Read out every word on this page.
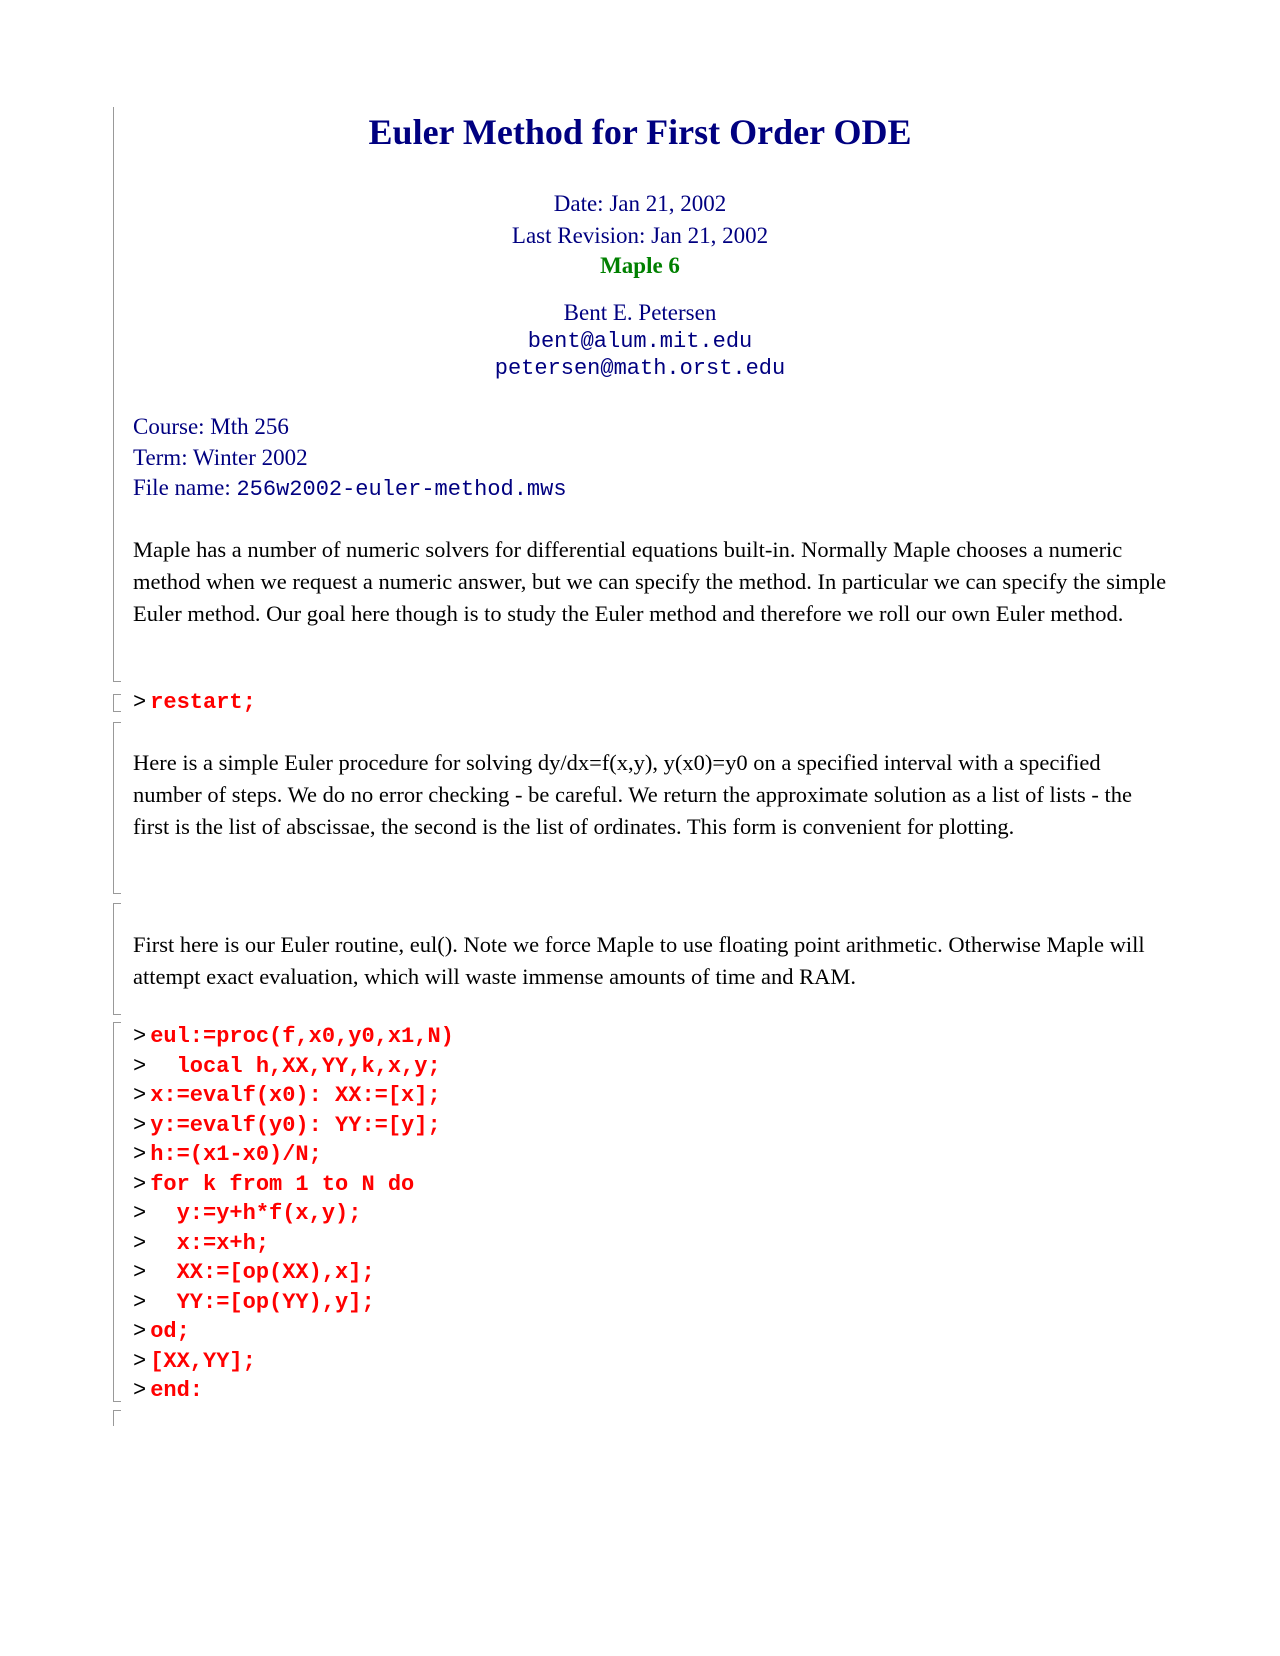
Euler Method for First Order ODE
Date: Jan 21, 2002
Last Revision: Jan 21, 2002
Maple 6
Bent E. Petersen
bent@alum.mit.edu
petersen@math.orst.edu
Course: Mth 256
Term: Winter 2002
File name: 256w2002-euler-method.mws

Maple has a number of numeric solvers for differential equations built-in. Normally Maple chooses a numeric method when we request a numeric answer, but we can specify the method. In particular we can specify the simple Euler method. Our goal here though is to study the Euler method and therefore we roll our own Euler method.

> restart;

Here is a simple Euler procedure for solving dy/dx=f(x,y), y(x0)=y0 on a specified interval with a specified number of steps. We do no error checking - be careful. We return the approximate solution as a list of lists - the first is the list of abscissae, the second is the list of ordinates. This form is convenient for plotting.

First here is our Euler routine, eul(). Note we force Maple to use floating point arithmetic. Otherwise Maple will attempt exact evaluation, which will waste immense amounts of time and RAM.

> eul:=proc(f,x0,y0,x1,N)
>   local h,XX,YY,k,x,y;
> x:=evalf(x0): XX:=[x];
> y:=evalf(y0): YY:=[y];
> h:=(x1-x0)/N;
> for k from 1 to N do
>   y:=y+h*f(x,y);
>   x:=x+h;
>   XX:=[op(XX),x];
>   YY:=[op(YY),y];
> od;
> [XX,YY];
> end:
